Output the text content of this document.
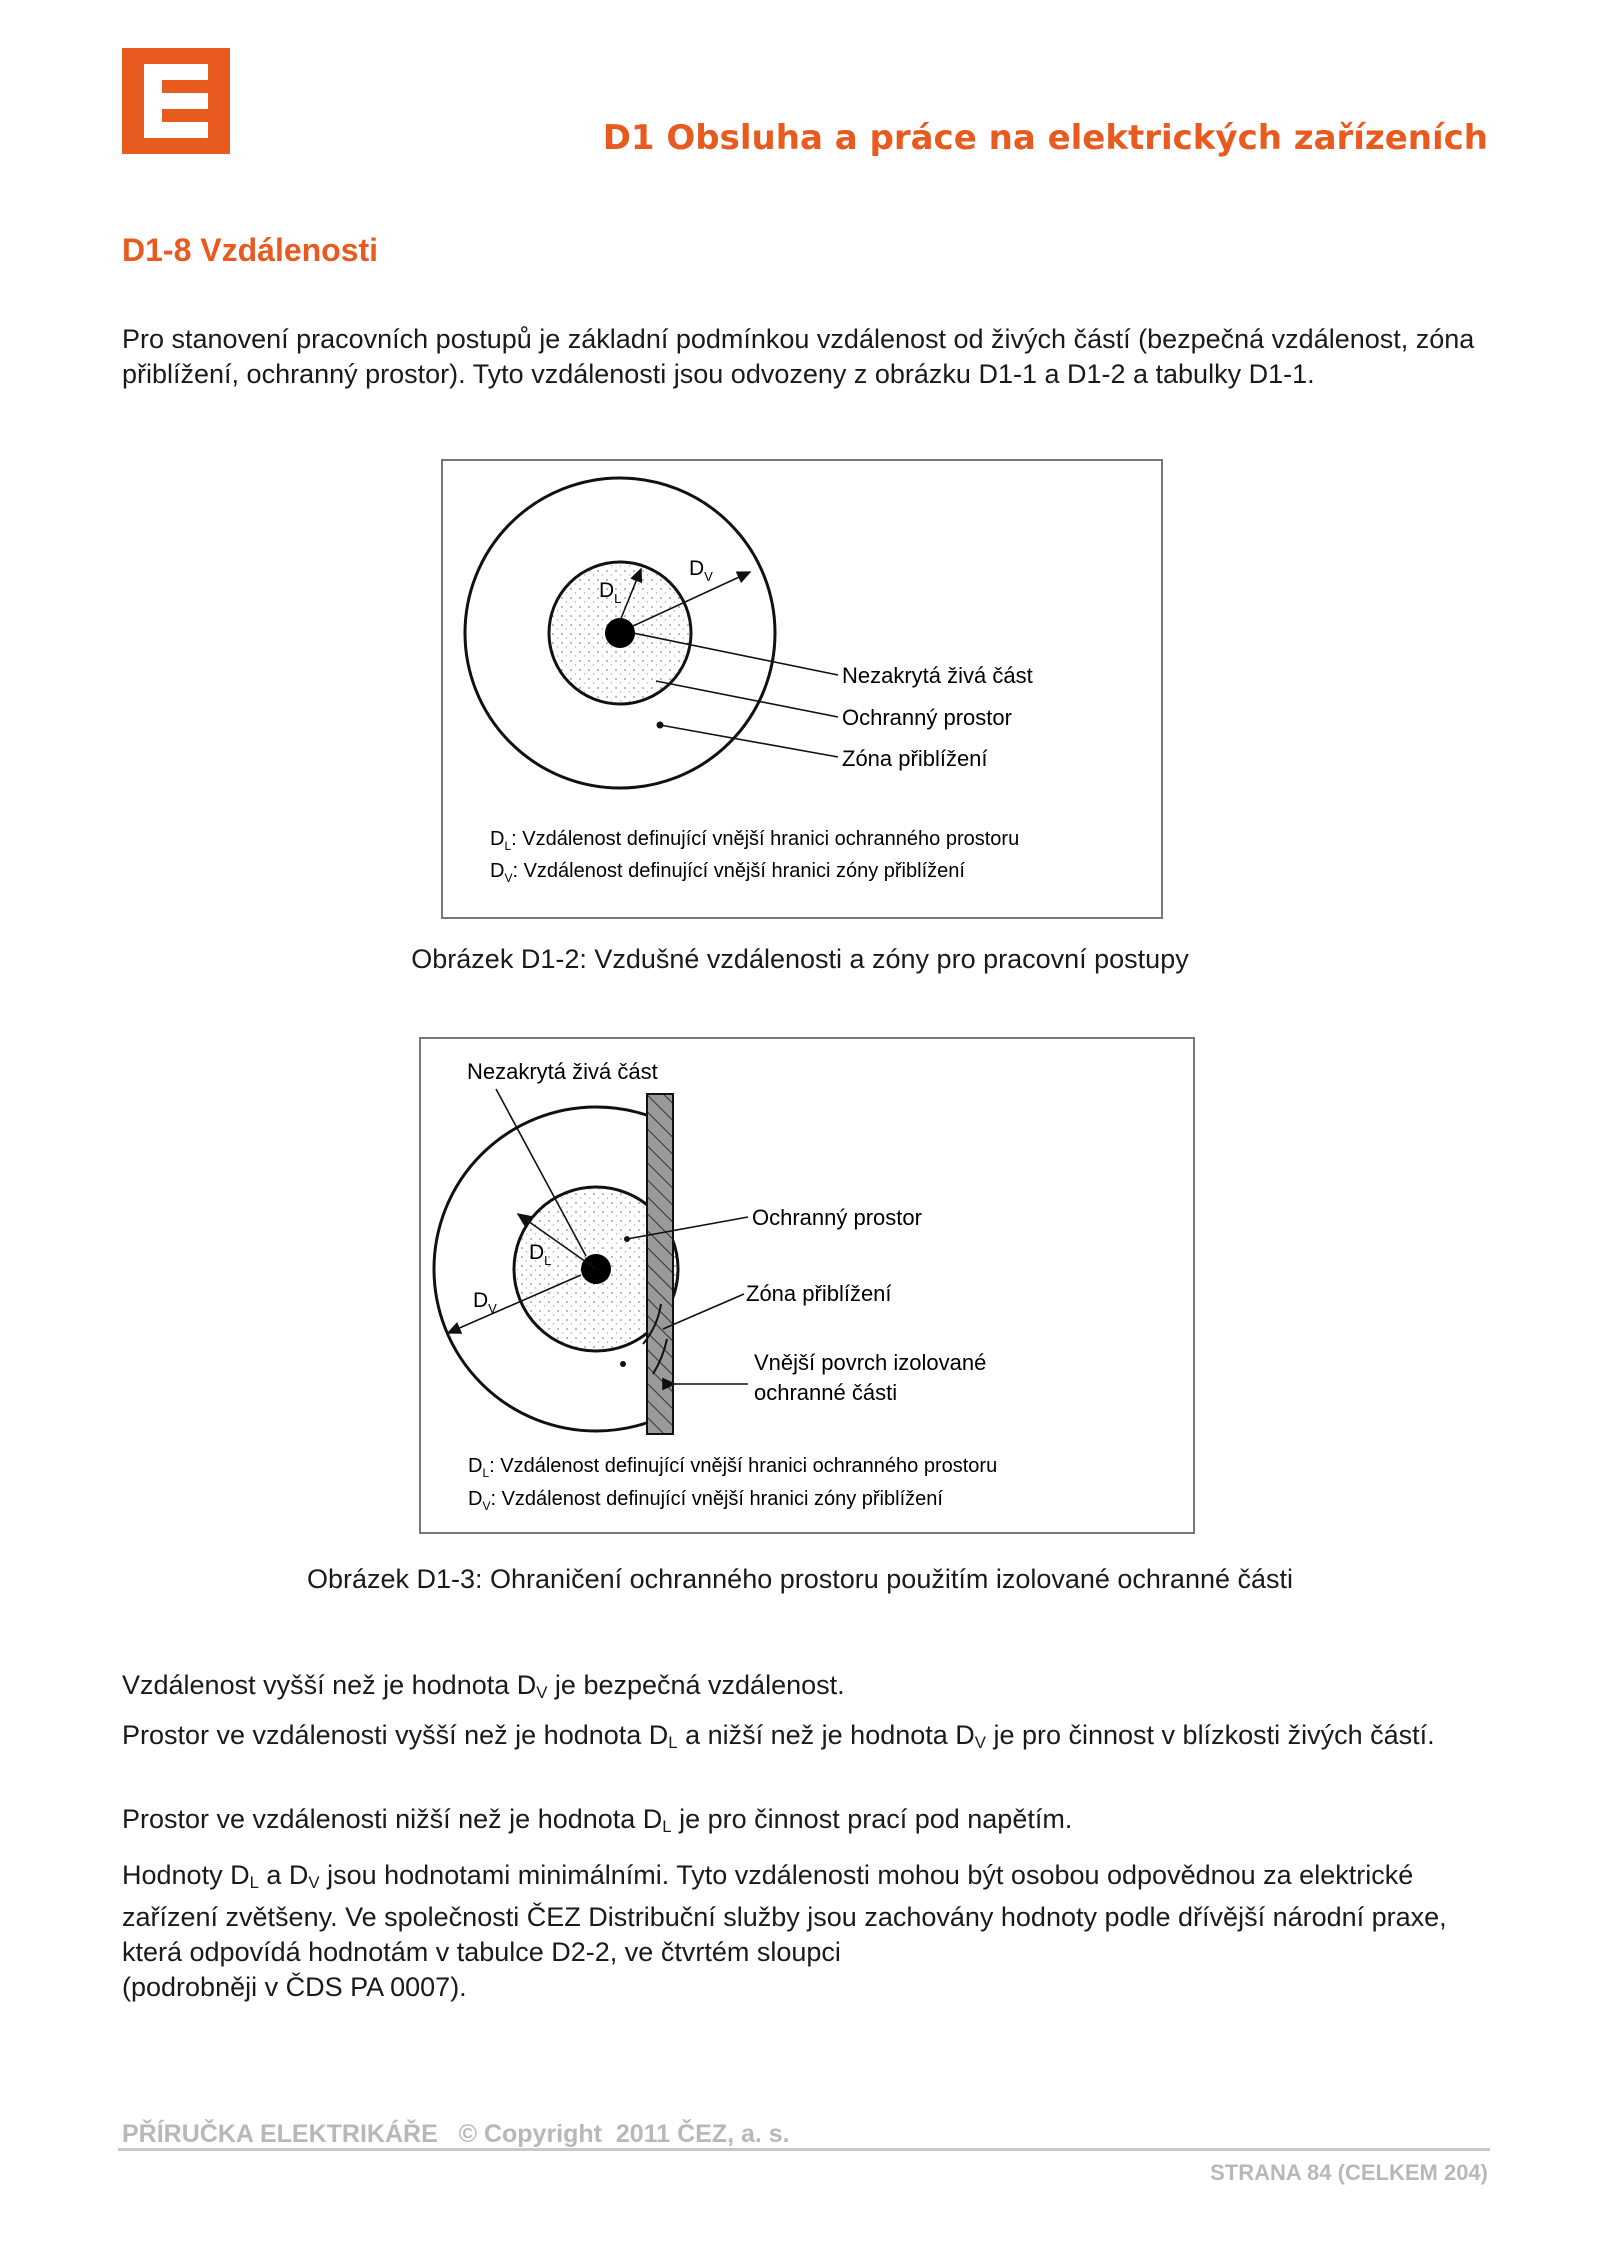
D1 Obsluha a práce na elektrických zařízeních
D1-8 Vzdálenosti

Pro stanovení pracovních postupů je základní podmínkou vzdálenost od živých částí (bezpečná vzdálenost, zóna přiblížení, ochranný prostor). Tyto vzdálenosti jsou odvozeny z obrázku D1-1 a D1-2 a tabulky D1-1.

$D_L$
$D_V$
Nezakrytá živá část
Ochranný prostor
Zóna přiblížení
$D_L$: Vzdálenost definující vnější hranici ochranného prostoru
$D_V$: Vzdálenost definující vnější hranici zóny přiblížení
Obrázek D1-2: Vzdušné vzdálenosti a zóny pro pracovní postupy
$D_L$
$D_V$
Nezakrytá živá část
Ochranný prostor
Zóna přiblížení
Vnější povrch izolované
ochranné části
$D_L$: Vzdálenost definující vnější hranici ochranného prostoru
$D_V$: Vzdálenost definující vnější hranici zóny přiblížení
Obrázek D1-3: Ohraničení ochranného prostoru použitím izolované ochranné části

Vzdálenost vyšší než je hodnota $D_V$ je bezpečná vzdálenost.

Prostor ve vzdálenosti vyšší než je hodnota $D_L$ a nižší než je hodnota $D_V$ je pro činnost v blízkosti živých částí.

Prostor ve vzdálenosti nižší než je hodnota $D_L$ je pro činnost prací pod napětím.

Hodnoty $D_L$ a $D_V$ jsou hodnotami minimálními. Tyto vzdálenosti mohou být osobou odpovědnou za elektrické zařízení zvětšeny. Ve společnosti ČEZ Distribuční služby jsou zachovány hodnoty podle dřívější národní praxe, která odpovídá hodnotám v tabulce D2-2, ve čtvrtém sloupci
(podrobněji v ČDS PA 0007).

PŘÍRUČKA ELEKTRIKÁŘE   © Copyright  2011 ČEZ, a. s.
STRANA 84 (CELKEM 204)
